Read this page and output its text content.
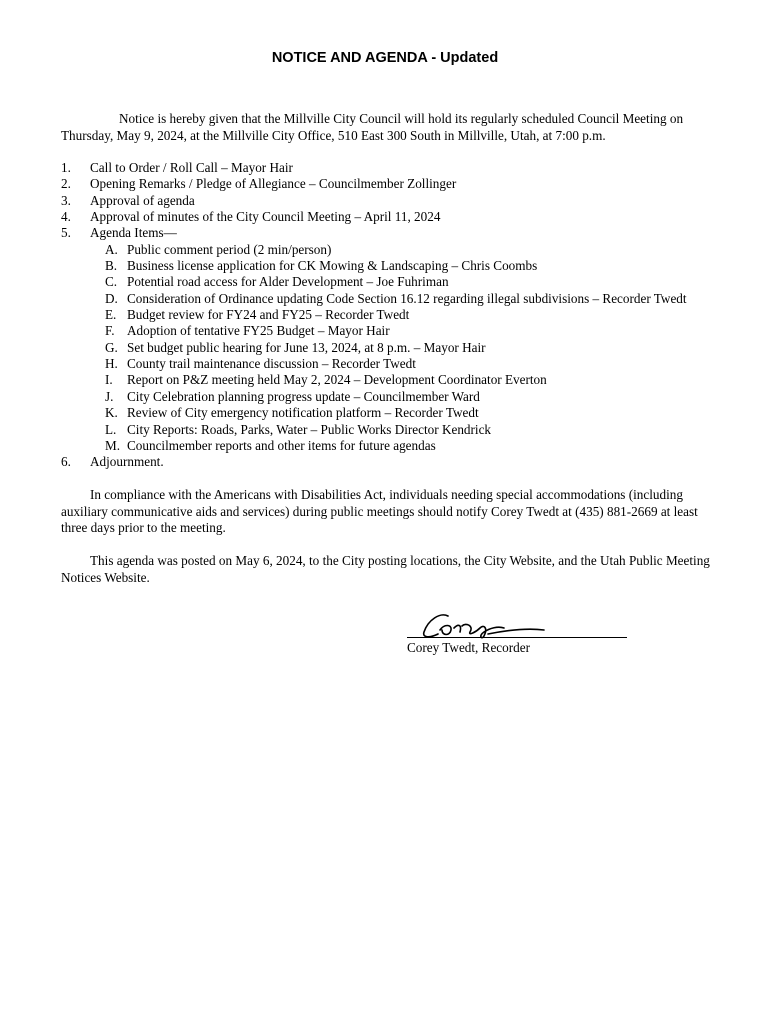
NOTICE AND AGENDA - Updated

Notice is hereby given that the Millville City Council will hold its regularly scheduled Council Meeting on Thursday, May 9, 2024, at the Millville City Office, 510 East 300 South in Millville, Utah, at 7:00 p.m.

1. Call to Order / Roll Call – Mayor Hair
2. Opening Remarks / Pledge of Allegiance – Councilmember Zollinger
3. Approval of agenda
4. Approval of minutes of the City Council Meeting – April 11, 2024
5. Agenda Items—
A. Public comment period (2 min/person)
B. Business license application for CK Mowing & Landscaping – Chris Coombs
C. Potential road access for Alder Development – Joe Fuhriman
D. Consideration of Ordinance updating Code Section 16.12 regarding illegal subdivisions – Recorder Twedt
E. Budget review for FY24 and FY25 – Recorder Twedt
F. Adoption of tentative FY25 Budget – Mayor Hair
G. Set budget public hearing for June 13, 2024, at 8 p.m. – Mayor Hair
H. County trail maintenance discussion – Recorder Twedt
I. Report on P&Z meeting held May 2, 2024 – Development Coordinator Everton
J. City Celebration planning progress update – Councilmember Ward
K. Review of City emergency notification platform – Recorder Twedt
L. City Reports: Roads, Parks, Water – Public Works Director Kendrick
M. Councilmember reports and other items for future agendas
6. Adjournment.

In compliance with the Americans with Disabilities Act, individuals needing special accommodations (including auxiliary communicative aids and services) during public meetings should notify Corey Twedt at (435) 881-2669 at least three days prior to the meeting.

This agenda was posted on May 6, 2024, to the City posting locations, the City Website, and the Utah Public Meeting Notices Website.

Corey Twedt, Recorder
